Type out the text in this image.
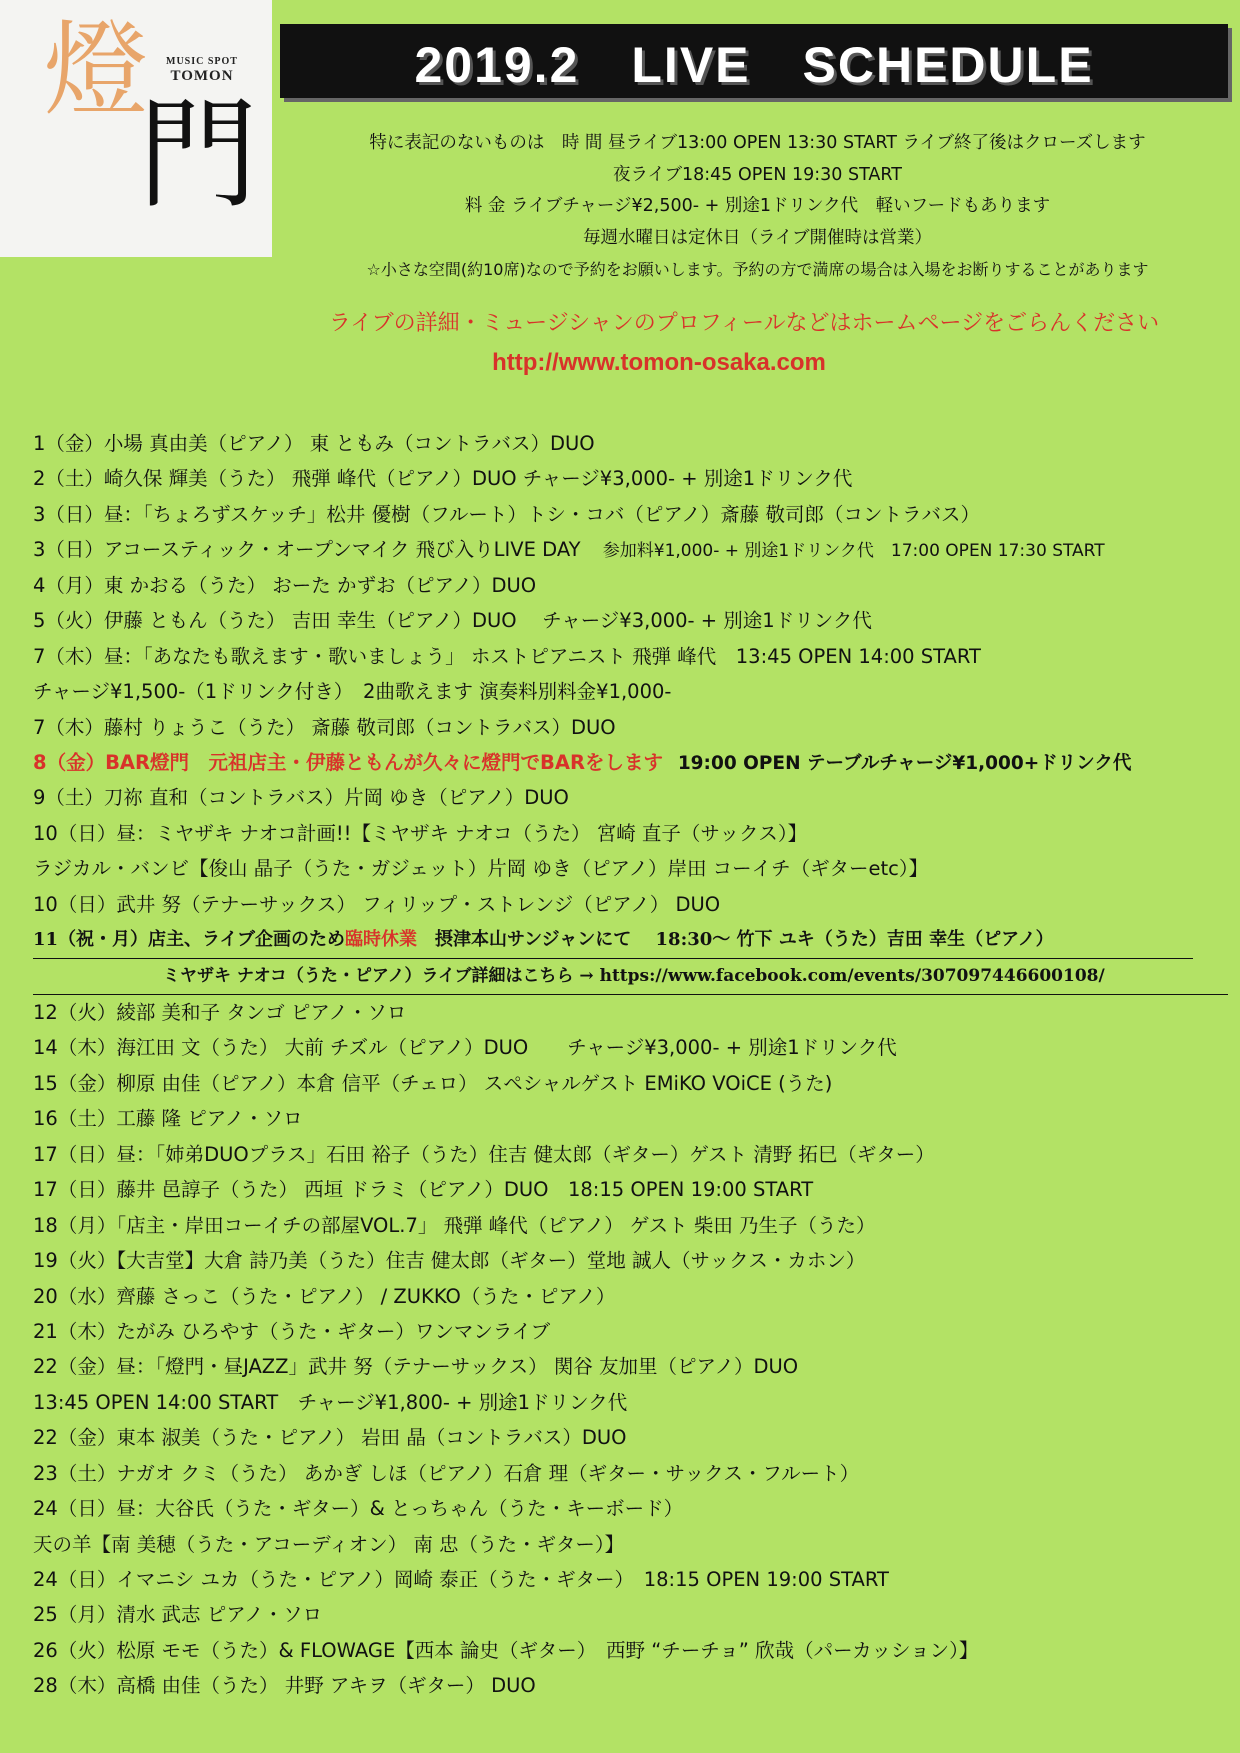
燈	MUSIC SPOT
TOMON
門
2019.2　LIVE　SCHEDULE
特に表記のないものは　時 間 昼ライブ13:00 OPEN 13:30 START ライブ終了後はクローズします
夜ライブ18:45 OPEN 19:30 START
料 金 ライブチャージ¥2,500- + 別途1ドリンク代　軽いフードもあります
毎週水曜日は定休日（ライブ開催時は営業）
☆小さな空間(約10席)なので予約をお願いします。予約の方で満席の場合は入場をお断りすることがあります
ライブの詳細・ミュージシャンのプロフィールなどはホームページをごらんください
http://www.tomon-osaka.com
1（金）小場 真由美（ピアノ） 東 ともみ（コントラバス）DUO
2（土）崎久保 輝美（うた） 飛弾 峰代（ピアノ）DUO チャージ¥3,000- + 別途1ドリンク代
3（日）昼：「ちょろずスケッチ」松井 優樹（フルート）トシ・コバ（ピアノ）斎藤 敬司郎（コントラバス）
3（日）アコースティック・オープンマイク 飛び入りLIVE DAY 参加料¥1,000- + 別途1ドリンク代　17:00 OPEN 17:30 START
4（月）東 かおる（うた） おーた かずお（ピアノ）DUO
5（火）伊藤 ともん（うた） 吉田 幸生（ピアノ）DUO　 チャージ¥3,000- + 別途1ドリンク代
7（木）昼：「あなたも歌えます・歌いましょう」 ホストピアニスト 飛弾 峰代　13:45 OPEN 14:00 START
チャージ¥1,500-（1ドリンク付き）　2曲歌えます 演奏料別料金¥1,000-
7（木）藤村 りょうこ（うた） 斎藤 敬司郎（コントラバス）DUO
8（金）BAR燈門　元祖店主・伊藤ともんが久々に燈門でBARをします 19:00 OPEN テーブルチャージ¥1,000+ドリンク代
9（土）刀祢 直和（コントラバス）片岡 ゆき（ピアノ）DUO
10（日）昼：ミヤザキ ナオコ計画!!【ミヤザキ ナオコ（うた） 宮崎 直子（サックス）】
ラジカル・バンビ【俊山 晶子（うた・ガジェット）片岡 ゆき（ピアノ）岸田 コーイチ（ギターetc）】
10（日）武井 努（テナーサックス） フィリップ・ストレンジ（ピアノ） DUO
11（祝・月）店主、ライブ企画のため臨時休業　摂津本山サンジャンにて　 18:30〜 竹下 ユキ（うた）吉田 幸生（ピアノ）
ミヤザキ ナオコ（うた・ピアノ）ライブ詳細はこちら → https://www.facebook.com/events/307097446600108/
12（火）綾部 美和子 タンゴ ピアノ・ソロ
14（木）海江田 文（うた） 大前 チズル（ピアノ）DUO　　チャージ¥3,000- + 別途1ドリンク代
15（金）柳原 由佳（ピアノ）本倉 信平（チェロ） スペシャルゲスト EMiKO VOiCE (うた)
16（土）工藤 隆 ピアノ・ソロ
17（日）昼：「姉弟DUOプラス」石田 裕子（うた）住吉 健太郎（ギター）ゲスト 清野 拓巳（ギター）
17（日）藤井 邑諄子（うた） 西垣 ドラミ（ピアノ）DUO　18:15 OPEN 19:00 START
18（月）「店主・岸田コーイチの部屋VOL.7」 飛弾 峰代（ピアノ） ゲスト 柴田 乃生子（うた）
19（火）【大吉堂】大倉 詩乃美（うた）住吉 健太郎（ギター）堂地 誠人（サックス・カホン）
20（水）齊藤 さっこ（うた・ピアノ） / ZUKKO（うた・ピアノ）
21（木）たがみ ひろやす（うた・ギター）ワンマンライブ
22（金）昼：「燈門・昼JAZZ」武井 努（テナーサックス） 関谷 友加里（ピアノ）DUO
13:45 OPEN 14:00 START　チャージ¥1,800- + 別途1ドリンク代
22（金）東本 淑美（うた・ピアノ） 岩田 晶（コントラバス）DUO
23（土）ナガオ クミ（うた） あかぎ しほ（ピアノ）石倉 理（ギター・サックス・フルート）
24（日）昼：大谷氏（うた・ギター）& とっちゃん（うた・キーボード）
天の羊【南 美穂（うた・アコーディオン） 南 忠（うた・ギター）】
24（日）イマニシ ユカ（うた・ピアノ）岡崎 泰正（うた・ギター）　18:15 OPEN 19:00 START
25（月）清水 武志 ピアノ・ソロ
26（火）松原 モモ（うた）& FLOWAGE【西本 論史（ギター）　西野 “チーチョ” 欣哉（パーカッション）】
28（木）高橋 由佳（うた） 井野 アキヲ（ギター） DUO
